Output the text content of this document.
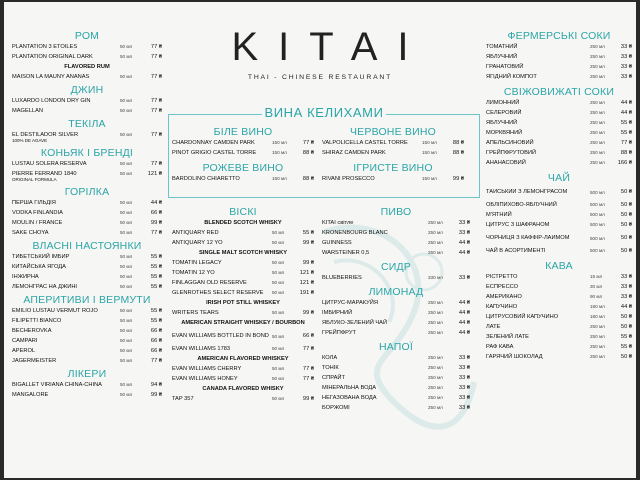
РОМ
PLANTATION 3 ETOILES	50 мл	77 ₴
PLANTATION ORIGINAL DARK	50 мл	77 ₴
FLAVORED RUM
MAISON LA MAUNY ANANAS	50 мл	77 ₴
ДЖИН
LUXARDO LONDON DRY GIN	50 мл	77 ₴
MAGELLAN	50 мл	77 ₴
ТЕКІЛА
EL DESTILADOR SILVER	50 мл	77 ₴
100% DE AGAVE
КОНЬЯК І БРЕНДІ
LUSTAU SOLERA RESERVA	50 мл	77 ₴
PIERRE FERRAND 1840	50 мл	121 ₴
ORIGINAL FORMULA
ГОРІЛКА
ПЕРША ГІЛЬДІЯ	50 мл	44 ₴
VODKA FINLANDIA	50 мл	66 ₴
MOULIN / FRANCE	50 мл	99 ₴
SAKE CHOYA	50 мл	77 ₴
ВЛАСНІ НАСТОЯНКИ
ТИБЕТСЬКИЙ ІМБИР	50 мл	55 ₴
КИТАЙСЬКА ЯГОДА	50 мл	55 ₴
ІНЖИРНА	50 мл	55 ₴
ЛЕМОНГРАС НА ДЖИНІ	50 мл	55 ₴
АПЕРИТИВИ І ВЕРМУТИ
EMILIO LUSTAU VERMUT ROJO	50 мл	55 ₴
FILIPETTI BIANCO	50 мл	55 ₴
BECHEROVKA	50 мл	66 ₴
CAMPARI	50 мл	66 ₴
APEROL	50 мл	66 ₴
JAGERMEISTER	50 мл	77 ₴
ЛІКЕРИ
BIGALLET VIRIANA CHINA-CHINA	50 мл	94 ₴
MANGALORE	50 мл	99 ₴
KITAI
THAI - CHINESE RESTAURANT
ВИНА КЕЛИХАМИ
БІЛЕ ВИНО
CHARDONNAY CAMDEN PARK	150 мл	77 ₴
PINOT GRIGIO CASTEL TORRE	150 мл	88 ₴
РОЖЕВЕ ВИНО
BARDOLINO CHIARETTO	150 мл	88 ₴
ЧЕРВОНЕ ВИНО
VALPOLICELLA CASTEL TORRE	150 мл	88 ₴
SHIRAZ CAMDEN PARK	150 мл	88 ₴
ІГРИСТЕ ВИНО
RIVANI PROSECCO	150 мл	99 ₴
ВІСКІ
BLENDED SCOTCH WHISKY
ANTIQUARY RED	50 мл	55 ₴
ANTIQUARY 12 YO	50 мл	99 ₴
SINGLE MALT SCOTCH WHISKY
TOMATIN LEGACY	50 мл	99 ₴
TOMATIN 12 YO	50 мл	121 ₴
FINLAGGAN OLD RESERVE	50 мл	121 ₴
GLENROTHES SELECT RESERVE	50 мл	191 ₴
IRISH POT STILL WHISKEY
WRITERS TEARS	50 мл	99 ₴
AMERICAN STRAIGHT WHISKEY / BOURBON
EVAN WILLIAMS BOTTLED IN BOND 50 мл	66 ₴
EVAN WILLIAMS 1783	50 мл	77 ₴
AMERICAN FLAVORED WHISKEY
EVAN WILLIAMS CHERRY	50 мл	77 ₴
EVAN WILLIAMS HONEY	50 мл	77 ₴
CANADA FLAVORED WHISKY
TAP 357	50 мл	99 ₴
ПИВО
KITAI світле	250 мл	33 ₴
KRONENBOURG BLANC	250 мл	33 ₴
GUINNESS	250 мл	44 ₴
WARSTEINER 0,5	250 мл	44 ₴
СИДР
BLUEBERRIES	330 мл	33 ₴
ЛИМОНАД
ЦИТРУС-МАРАКУЙЯ	250 мл	44 ₴
ІМБИРНИЙ	250 мл	44 ₴
ЯБЛУКО-ЗЕЛЕНИЙ ЧАЙ	250 мл	44 ₴
ГРЕЙПФРУТ	250 мл	44 ₴
НАПОЇ
КОЛА	250 мл	33 ₴
ТОНІК	250 мл	33 ₴
СПРАЙТ	250 мл	33 ₴
МІНЕРАЛЬНА ВОДА	250 мл	33 ₴
НЕГАЗОВАНА ВОДА	250 мл	33 ₴
БОРЖОМІ	250 мл	33 ₴
ФЕРМЕРСЬКІ СОКИ
ТОМАТНИЙ	250 мл	33 ₴
ЯБЛУЧНИЙ	250 мл	33 ₴
ГРАНАТОВИЙ	250 мл	33 ₴
ЯГІДНИЙ КОМПОТ	250 мл	33 ₴
СВІЖОВИЖАТІ СОКИ
ЛИМОННИЙ	250 мл	44 ₴
СЕЛЕРОВИЙ	250 мл	44 ₴
ЯБЛУЧНИЙ	250 мл	55 ₴
МОРКВЯНИЙ	250 мл	55 ₴
АПЕЛЬСИНОВИЙ	250 мл	77 ₴
ГРЕЙПФРУТОВИЙ	250 мл	88 ₴
АНАНАСОВИЙ	250 мл	166 ₴
ЧАЙ
ТАЙСЬКИЙ З ЛЕМОНГРАСОМ	500 мл	50 ₴
ОБЛІПИХОВО-ЯБЛУЧНИЙ	500 мл	50 ₴
М'ЯТНИЙ	500 мл	50 ₴
ЦИТРУС З ШАФРАНОМ	500 мл	50 ₴
ЧОРНИЦЯ З КАФФІР-ЛАЙМОМ	500 мл	50 ₴
ЧАЙ В АСОРТИМЕНТІ	500 мл	50 ₴
КАВА
РІСТРЕТТО	15 мл	33 ₴
ЕСПРЕССО	30 мл	33 ₴
АМЕРИКАНО	90 мл	33 ₴
КАПУЧИНО	180 мл	44 ₴
ЦИТРУСОВИЙ КАПУЧИНО	180 мл	50 ₴
ЛАТЕ	250 мл	50 ₴
ЗЕЛЕНИЙ ЛАТЕ	250 мл	55 ₴
РАФ КАВА	250 мл	55 ₴
ГАРЯЧИЙ ШОКОЛАД	250 мл	50 ₴
